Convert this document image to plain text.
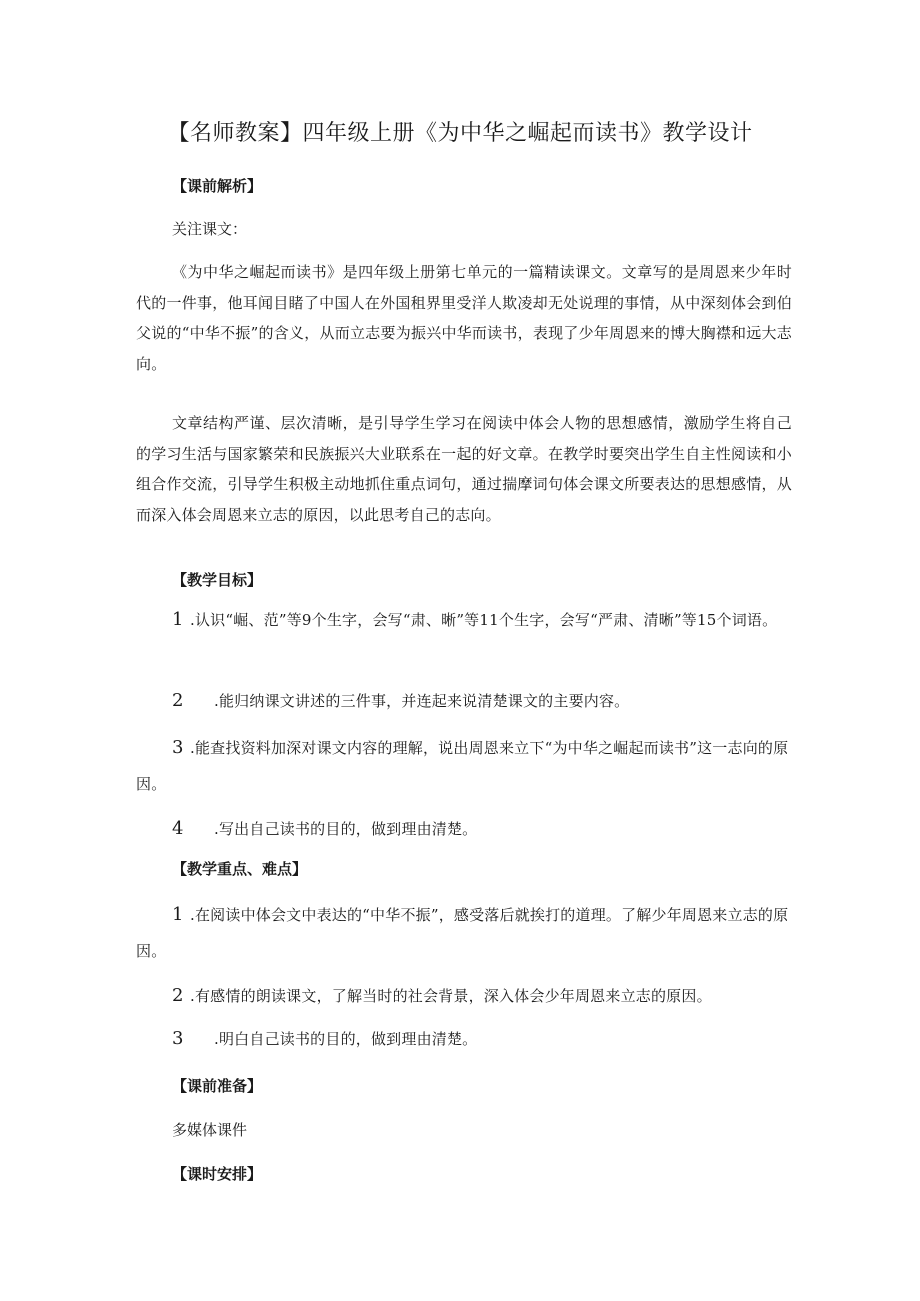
【名师教案】四年级上册《为中华之崛起而读书》教学设计
【课前解析】
关注课文：
《为中华之崛起而读书》是四年级上册第七单元的一篇精读课文。文章写的是周恩来少年时代的一件事，他耳闻目睹了中国人在外国租界里受洋人欺凌却无处说理的事情，从中深刻体会到伯父说的“中华不振”的含义，从而立志要为振兴中华而读书，表现了少年周恩来的博大胸襟和远大志向。
文章结构严谨、层次清晰，是引导学生学习在阅读中体会人物的思想感情，激励学生将自己的学习生活与国家繁荣和民族振兴大业联系在一起的好文章。在教学时要突出学生自主性阅读和小组合作交流，引导学生积极主动地抓住重点词句，通过揣摩词句体会课文所要表达的思想感情，从而深入体会周恩来立志的原因，以此思考自己的志向。
【教学目标】
1 .认识“崛、范”等9个生字，会写“肃、晰”等11个生字，会写“严肃、清晰”等15个词语。
2 .能归纳课文讲述的三件事，并连起来说清楚课文的主要内容。
3 .能查找资料加深对课文内容的理解，说出周恩来立下“为中华之崛起而读书”这一志向的原因。
4 .写出自己读书的目的，做到理由清楚。
【教学重点、难点】
1 .在阅读中体会文中表达的“中华不振”，感受落后就挨打的道理。了解少年周恩来立志的原因。
2 .有感情的朗读课文，了解当时的社会背景，深入体会少年周恩来立志的原因。
3 .明白自己读书的目的，做到理由清楚。
【课前准备】
多媒体课件
【课时安排】
